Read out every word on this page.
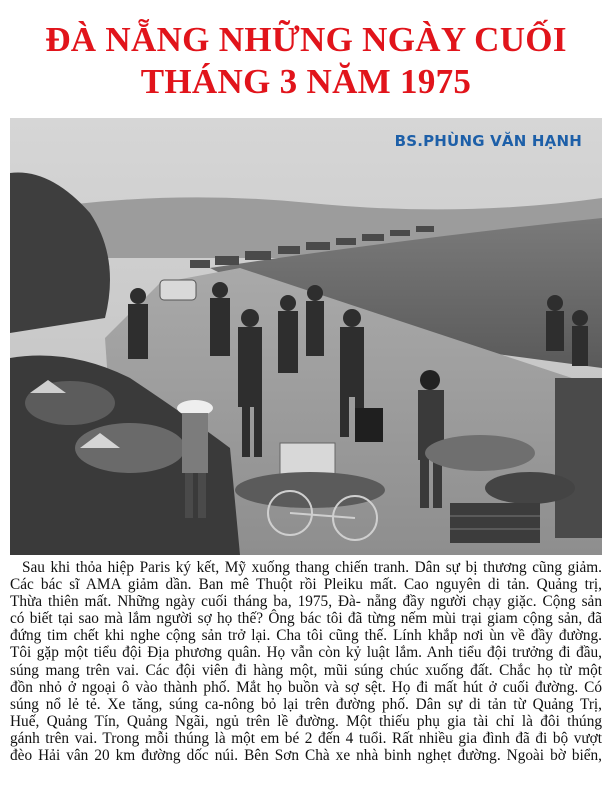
ĐÀ NẴNG NHỮNG NGÀY CUỐI
THÁNG 3 NĂM 1975
BS.PHÙNG VĂN HẠNH
Sau khi thỏa hiệp Paris ký kết, Mỹ xuống thang chiến tranh. Dân sự bị thương cũng giảm.
Các bác sĩ AMA giảm dần. Ban mê Thuột rồi Pleiku mất. Cao nguyên di tản. Quảng trị,
Thừa thiên mất. Những ngày cuối tháng ba, 1975, Đà- nẵng đầy người chạy giặc. Cộng sản
có biết tại sao mà lắm người sợ họ thế? Ông bác tôi đã từng nếm mùi trại giam cộng sản, đã
đứng tim chết khi nghe cộng sản trở lại. Cha tôi cũng thế. Lính khắp nơi ùn về đầy đường.
Tôi gặp một tiểu đội Địa phương quân. Họ vẫn còn kỷ luật lắm. Anh tiểu đội trưởng đi đầu,
súng mang trên vai. Các đội viên đi hàng một, mũi súng chúc xuống đất. Chắc họ từ một
đồn nhỏ ở ngoại ô vào thành phố. Mắt họ buồn và sợ sệt. Họ đi mất hút ở cuối đường. Có
súng nổ lẻ tẻ. Xe tăng, súng ca-nông bỏ lại trên đường phố. Dân sự di tản từ Quảng Trị,
Huế, Quảng Tín, Quảng Ngãi, ngủ trên lề đường. Một thiếu phụ gia tài chỉ là đôi thúng
gánh trên vai. Trong mỗi thúng là một em bé 2 đến 4 tuổi. Rất nhiều gia đình đã đi bộ vượt
đèo Hải vân 20 km đường dốc núi. Bên Sơn Chà xe nhà binh nghẹt đường. Ngoài bờ biển,
